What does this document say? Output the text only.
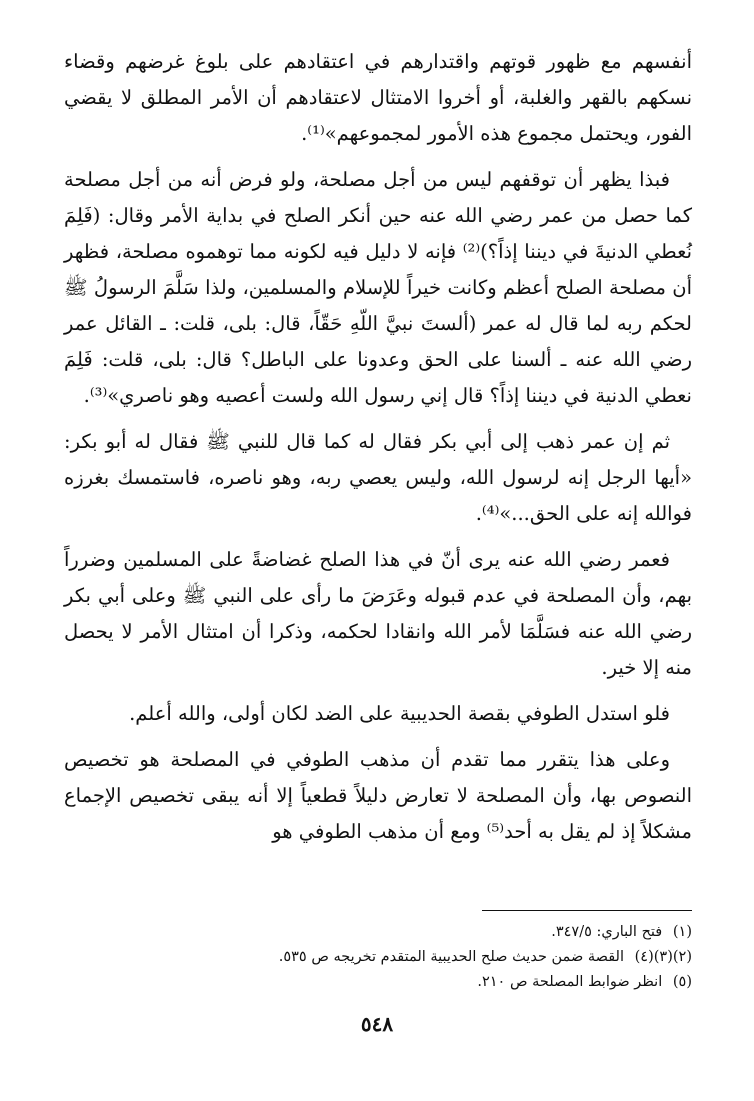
أنفسهم مع ظهور قوتهم واقتدارهم في اعتقادهم على بلوغ غرضهم وقضاء نسكهم بالقهر والغلبة، أو أخروا الامتثال لاعتقادهم أن الأمر المطلق لا يقضي الفور، ويحتمل مجموع هذه الأمور لمجموعهم»⁽¹⁾.

فبذا يظهر أن توقفهم ليس من أجل مصلحة، ولو فرض أنه من أجل مصلحة كما حصل من عمر رضي الله عنه حين أنكر الصلح في بداية الأمر وقال: (فَلِمَ نُعطي الدنيةَ في ديننا إذاً؟)⁽²⁾ فإنه لا دليل فيه لكونه مما توهموه مصلحة، فظهر أن مصلحة الصلح أعظم وكانت خيراً للإسلام والمسلمين، ولذا سَلَّمَ الرسولُ ﷺ لحكم ربه لما قال له عمر (ألستَ نبيَّ اللّهِ حَقّاً، قال: بلى، قلت: ـ القائل عمر رضي الله عنه ـ ألسنا على الحق وعدونا على الباطل؟ قال: بلى، قلت: فَلِمَ نعطي الدنية في ديننا إذاً؟ قال إني رسول الله ولست أعصيه وهو ناصري»⁽³⁾.

ثم إن عمر ذهب إلى أبي بكر فقال له كما قال للنبي ﷺ فقال له أبو بكر: «أيها الرجل إنه لرسول الله، وليس يعصي ربه، وهو ناصره، فاستمسك بغرزه فوالله إنه على الحق...»⁽⁴⁾.

فعمر رضي الله عنه يرى أنّ في هذا الصلح غضاضةً على المسلمين وضرراً بهم، وأن المصلحة في عدم قبوله وعَرَضَ ما رأى على النبي ﷺ وعلى أبي بكر رضي الله عنه فسَلَّمَا لأمر الله وانقادا لحكمه، وذكرا أن امتثال الأمر لا يحصل منه إلا خير.

فلو استدل الطوفي بقصة الحديبية على الضد لكان أولى، والله أعلم.

وعلى هذا يتقرر مما تقدم أن مذهب الطوفي في المصلحة هو تخصيص النصوص بها، وأن المصلحة لا تعارض دليلاً قطعياً إلا أنه يبقى تخصيص الإجماع مشكلاً إذ لم يقل به أحد⁽⁵⁾ ومع أن مذهب الطوفي هو

(١) فتح الباري: ٣٤٧/٥.

(٢)(٣)(٤) القصة ضمن حديث صلح الحديبية المتقدم تخريجه ص ٥٣٥.

(٥) انظر ضوابط المصلحة ص ٢١٠.

٥٤٨
